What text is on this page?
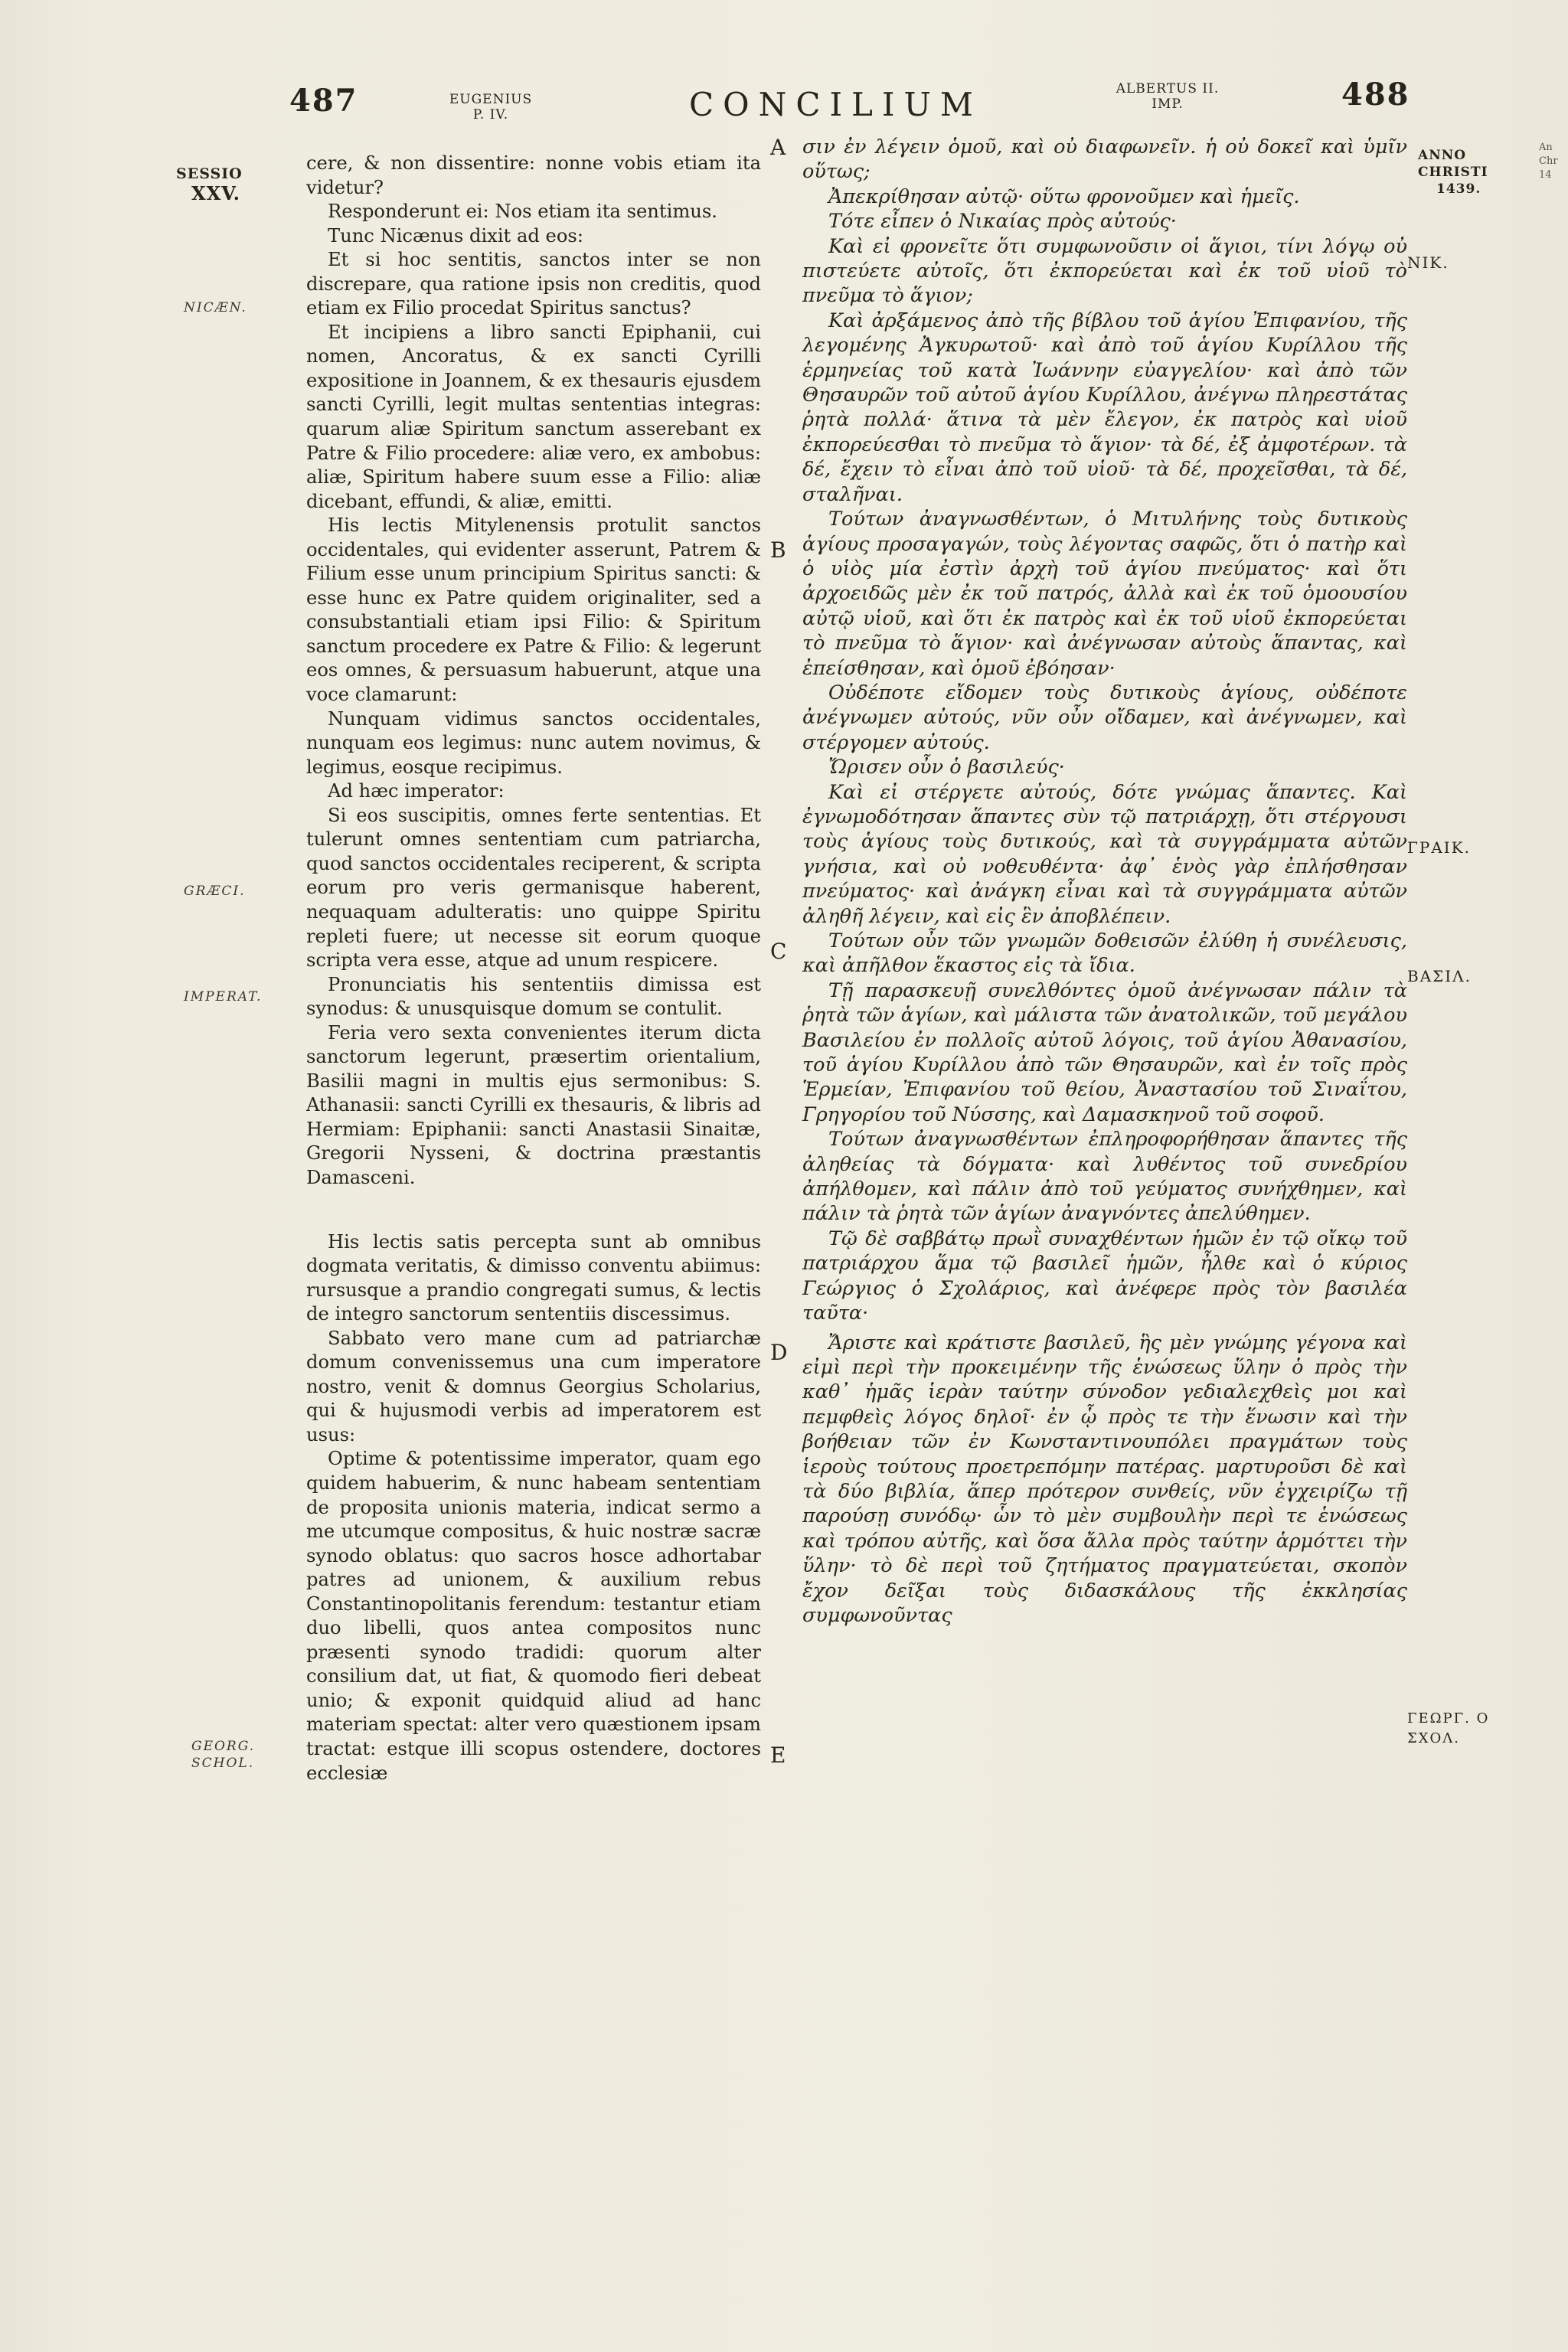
487	EUGENIUS
P. IV.	CONCILIUM	ALBERTUS II.
IMP.	488
ANNO
CHRISTI
1439.
SESSIO
XXV.
NICÆN.
GRÆCI.
IMPERAT.
GEORG.
SCHOL.
A
B
C
D
E
NIK.
ΓΡΑΙΚ.
ΒΑΣΙΛ.
ΓΕΩΡΓ. Ο
ΣΧΟΛ.
An
Chr
14

cere, & non dissentire: nonne vobis etiam ita videtur?

Responderunt ei: Nos etiam ita sentimus.

Tunc Nicænus dixit ad eos:

Et si hoc sentitis, sanctos inter se non discrepare, qua ratione ipsis non creditis, quod etiam ex Filio procedat Spiritus sanctus?

Et incipiens a libro sancti Epiphanii, cui nomen, Ancoratus, & ex sancti Cyrilli expositione in Joannem, & ex thesauris ejusdem sancti Cyrilli, legit multas sententias integras: quarum aliæ Spiritum sanctum asserebant ex Patre & Filio procedere: aliæ vero, ex ambobus: aliæ, Spiritum habere suum esse a Filio: aliæ dicebant, effundi, & aliæ, emitti.

His lectis Mitylenensis protulit sanctos occidentales, qui evidenter asserunt, Patrem & Filium esse unum principium Spiritus sancti: & esse hunc ex Patre quidem originaliter, sed a consubstantiali etiam ipsi Filio: & Spiritum sanctum procedere ex Patre & Filio: & legerunt eos omnes, & persuasum habuerunt, atque una voce clamarunt:

Nunquam vidimus sanctos occidentales, nunquam eos legimus: nunc autem novimus, & legimus, eosque recipimus.

Ad hæc imperator:

Si eos suscipitis, omnes ferte sententias. Et tulerunt omnes sententiam cum patriarcha, quod sanctos occidentales reciperent, & scripta eorum pro veris germanisque haberent, nequaquam adulteratis: uno quippe Spiritu repleti fuere; ut necesse sit eorum quoque scripta vera esse, atque ad unum respicere.

Pronunciatis his sententiis dimissa est synodus: & unusquisque domum se contulit.

Feria vero sexta convenientes iterum dicta sanctorum legerunt, præsertim orientalium, Basilii magni in multis ejus sermonibus: S. Athanasii: sancti Cyrilli ex thesauris, & libris ad Hermiam: Epiphanii: sancti Anastasii Sinaitæ, Gregorii Nysseni, & doctrina præstantis Damasceni.

His lectis satis percepta sunt ab omnibus dogmata veritatis, & dimisso conventu abiimus: rursusque a prandio congregati sumus, & lectis de integro sanctorum sententiis discessimus.

Sabbato vero mane cum ad patriarchæ domum convenissemus una cum imperatore nostro, venit & domnus Georgius Scholarius, qui & hujusmodi verbis ad imperatorem est usus:

Optime & potentissime imperator, quam ego quidem habuerim, & nunc habeam sententiam de proposita unionis materia, indicat sermo a me utcumque compositus, & huic nostræ sacræ synodo oblatus: quo sacros hosce adhortabar patres ad unionem, & auxilium rebus Constantinopolitanis ferendum: testantur etiam duo libelli, quos antea compositos nunc præsenti synodo tradidi: quorum alter consilium dat, ut fiat, & quomodo fieri debeat unio; & exponit quidquid aliud ad hanc materiam spectat: alter vero quæstionem ipsam tractat: estque illi scopus ostendere, doctores ecclesiæ

σιν ἐν λέγειν ὁμοῦ, καὶ οὐ διαφωνεῖν. ἡ οὐ δοκεῖ καὶ ὑμῖν οὕτως;

Ἀπεκρίθησαν αὐτῷ· οὕτω φρονοῦμεν καὶ ἡμεῖς.

Τότε εἶπεν ὁ Νικαίας πρὸς αὐτούς·

Καὶ εἰ φρονεῖτε ὅτι συμφωνοῦσιν οἱ ἅγιοι, τίνι λόγῳ οὐ πιστεύετε αὐτοῖς, ὅτι ἐκπορεύεται καὶ ἐκ τοῦ υἱοῦ τὸ πνεῦμα τὸ ἅγιον;

Καὶ ἀρξάμενος ἀπὸ τῆς βίβλου τοῦ ἁγίου Ἐπιφανίου, τῆς λεγομένης Ἀγκυρωτοῦ· καὶ ἀπὸ τοῦ ἁγίου Κυρίλλου τῆς ἑρμηνείας τοῦ κατὰ Ἰωάννην εὐαγγελίου· καὶ ἀπὸ τῶν Θησαυρῶν τοῦ αὐτοῦ ἁγίου Κυρίλλου, ἀνέγνω πληρεστάτας ῥητὰ πολλά· ἅτινα τὰ μὲν ἔλεγον, ἐκ πατρὸς καὶ υἱοῦ ἐκπορεύεσθαι τὸ πνεῦμα τὸ ἅγιον· τὰ δέ, ἐξ ἀμφοτέρων. τὰ δέ, ἔχειν τὸ εἶναι ἀπὸ τοῦ υἱοῦ· τὰ δέ, προχεῖσθαι, τὰ δέ, σταλῆναι.

Τούτων ἀναγνωσθέντων, ὁ Μιτυλήνης τοὺς δυτικοὺς ἁγίους προσαγαγών, τοὺς λέγοντας σαφῶς, ὅτι ὁ πατὴρ καὶ ὁ υἱὸς μία ἐστὶν ἀρχὴ τοῦ ἁγίου πνεύματος· καὶ ὅτι ἀρχοειδῶς μὲν ἐκ τοῦ πατρός, ἀλλὰ καὶ ἐκ τοῦ ὁμοουσίου αὐτῷ υἱοῦ, καὶ ὅτι ἐκ πατρὸς καὶ ἐκ τοῦ υἱοῦ ἐκπορεύεται τὸ πνεῦμα τὸ ἅγιον· καὶ ἀνέγνωσαν αὐτοὺς ἅπαντας, καὶ ἐπείσθησαν, καὶ ὁμοῦ ἐβόησαν·

Οὐδέποτε εἴδομεν τοὺς δυτικοὺς ἁγίους, οὐδέποτε ἀνέγνωμεν αὐτούς, νῦν οὖν οἴδαμεν, καὶ ἀνέγνωμεν, καὶ στέργομεν αὐτούς.

Ὤρισεν οὖν ὁ βασιλεύς·

Καὶ εἰ στέργετε αὐτούς, δότε γνώμας ἅπαντες. Καὶ ἐγνωμοδότησαν ἅπαντες σὺν τῷ πατριάρχῃ, ὅτι στέργουσι τοὺς ἁγίους τοὺς δυτικούς, καὶ τὰ συγγράμματα αὐτῶν γνήσια, καὶ οὐ νοθευθέντα· ἀφ᾽ ἑνὸς γὰρ ἐπλήσθησαν πνεύματος· καὶ ἀνάγκη εἶναι καὶ τὰ συγγράμματα αὐτῶν ἀληθῆ λέγειν, καὶ εἰς ἓν ἀποβλέπειν.

Τούτων οὖν τῶν γνωμῶν δοθεισῶν ἐλύθη ἡ συνέλευσις, καὶ ἀπῆλθον ἕκαστος εἰς τὰ ἴδια.

Τῇ παρασκευῇ συνελθόντες ὁμοῦ ἀνέγνωσαν πάλιν τὰ ῥητὰ τῶν ἁγίων, καὶ μάλιστα τῶν ἀνατολικῶν, τοῦ μεγάλου Βασιλείου ἐν πολλοῖς αὐτοῦ λόγοις, τοῦ ἁγίου Ἀθανασίου, τοῦ ἁγίου Κυρίλλου ἀπὸ τῶν Θησαυρῶν, καὶ ἐν τοῖς πρὸς Ἑρμείαν, Ἐπιφανίου τοῦ θείου, Ἀναστασίου τοῦ Σιναΐτου, Γρηγορίου τοῦ Νύσσης, καὶ Δαμασκηνοῦ τοῦ σοφοῦ.

Τούτων ἀναγνωσθέντων ἐπληροφορήθησαν ἅπαντες τῆς ἀληθείας τὰ δόγματα· καὶ λυθέντος τοῦ συνεδρίου ἀπήλθομεν, καὶ πάλιν ἀπὸ τοῦ γεύματος συνήχθημεν, καὶ πάλιν τὰ ῥητὰ τῶν ἁγίων ἀναγνόντες ἀπελύθημεν.

Τῷ δὲ σαββάτῳ πρωῒ συναχθέντων ἡμῶν ἐν τῷ οἴκῳ τοῦ πατριάρχου ἅμα τῷ βασιλεῖ ἡμῶν, ἦλθε καὶ ὁ κύριος Γεώργιος ὁ Σχολάριος, καὶ ἀνέφερε πρὸς τὸν βασιλέα ταῦτα·

Ἄριστε καὶ κράτιστε βασιλεῦ, ἣς μὲν γνώμης γέγονα καὶ εἰμὶ περὶ τὴν προκειμένην τῆς ἑνώσεως ὕλην ὁ πρὸς τὴν καθ᾽ ἡμᾶς ἱερὰν ταύτην σύνοδον γεδιαλεχθεὶς μοι καὶ πεμφθεὶς λόγος δηλοῖ· ἐν ᾧ πρὸς τε τὴν ἕνωσιν καὶ τὴν βοήθειαν τῶν ἐν Κωνσταντινουπόλει πραγμάτων τοὺς ἱεροὺς τούτους προετρεπόμην πατέρας. μαρτυροῦσι δὲ καὶ τὰ δύο βιβλία, ἅπερ πρότερον συνθείς, νῦν ἐγχειρίζω τῇ παρούσῃ συνόδῳ· ὧν τὸ μὲν συμβουλὴν περὶ τε ἑνώσεως καὶ τρόπου αὐτῆς, καὶ ὅσα ἄλλα πρὸς ταύτην ἁρμόττει τὴν ὕλην· τὸ δὲ περὶ τοῦ ζητήματος πραγματεύεται, σκοπὸν ἔχον δεῖξαι τοὺς διδασκάλους τῆς ἐκκλησίας συμφωνοῦντας
